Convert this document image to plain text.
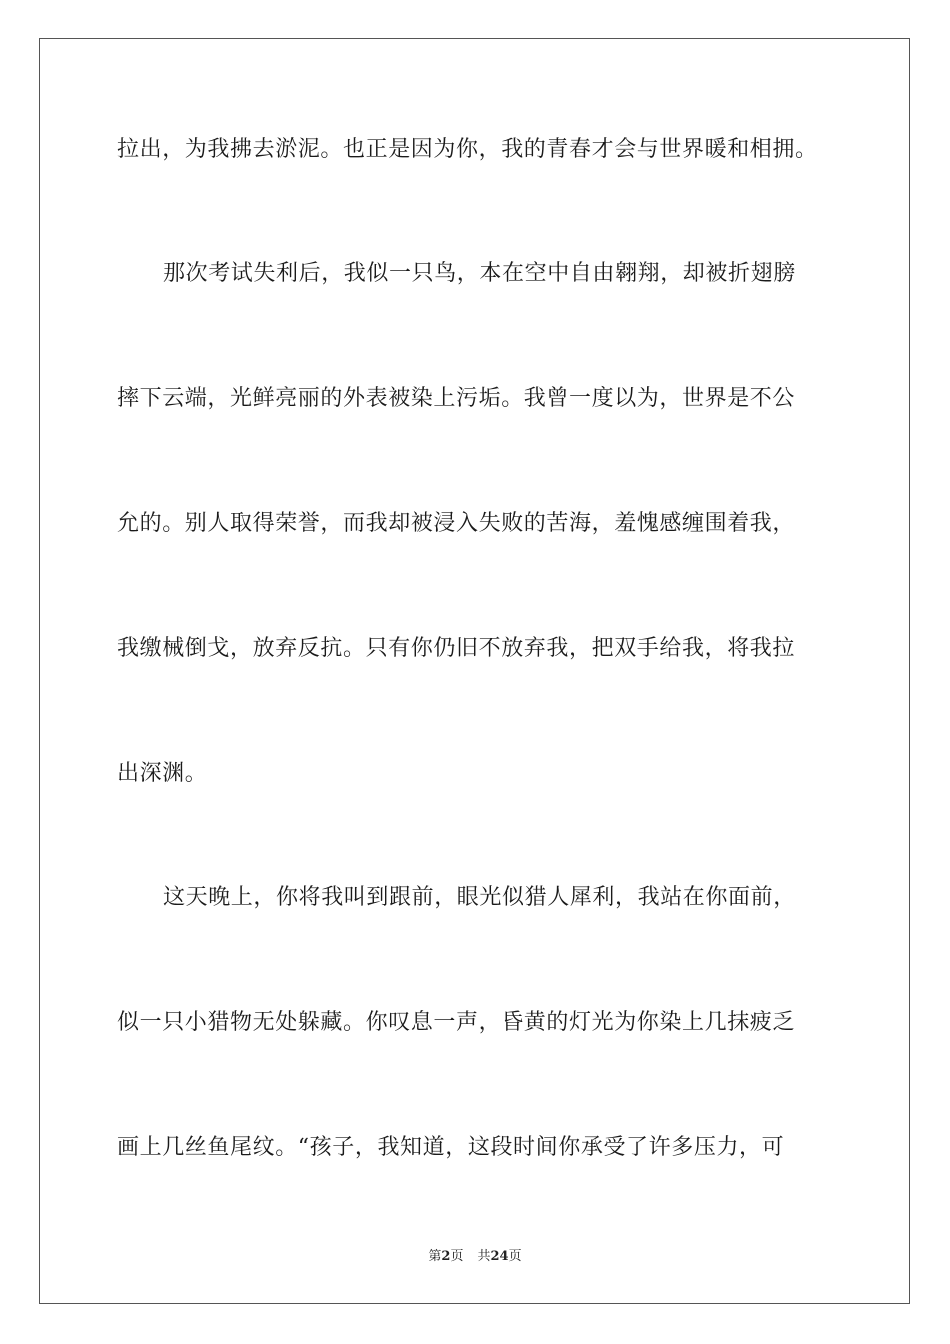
拉出，为我拂去淤泥。也正是因为你，我的青春才会与世界暖和相拥。
那次考试失利后，我似一只鸟，本在空中自由翱翔，却被折翅膀
摔下云端，光鲜亮丽的外表被染上污垢。我曾一度以为，世界是不公
允的。别人取得荣誉，而我却被浸入失败的苦海，羞愧感缠围着我，
我缴械倒戈，放弃反抗。只有你仍旧不放弃我，把双手给我，将我拉
出深渊。
这天晚上，你将我叫到跟前，眼光似猎人犀利，我站在你面前，
似一只小猎物无处躲藏。你叹息一声，昏黄的灯光为你染上几抹疲乏
画上几丝鱼尾纹。“孩子，我知道，这段时间你承受了许多压力，可
第2页 共24页
